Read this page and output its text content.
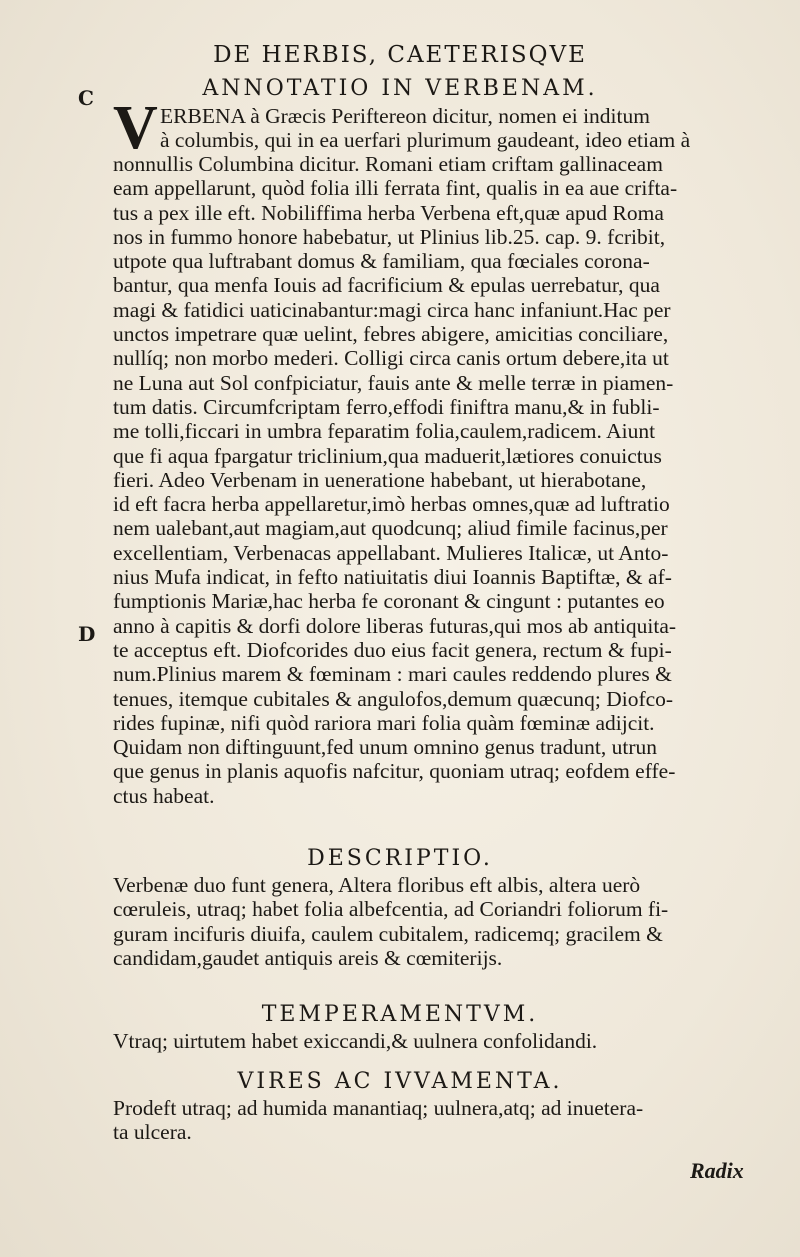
DE HERBIS, CAETERISQVE
C
D
ANNOTATIO IN VERBENAM.
V ERBENA à Græcis Periftereon dicitur, nomen ei inditum
à columbis, qui in ea uerfari plurimum gaudeant, ideo etiam à
nonnullis Columbina dicitur. Romani etiam criftam gallinaceam
eam appellarunt, quòd folia illi ferrata fint, qualis in ea aue crifta-
tus a pex ille eft. Nobiliffima herba Verbena eft,quæ apud Roma
nos in fummo honore habebatur, ut Plinius lib.25. cap. 9. fcribit,
utpote qua luftrabant domus & familiam, qua fœciales corona-
bantur, qua menfa Iouis ad facrificium & epulas uerrebatur, qua
magi & fatidici uaticinabantur:magi circa hanc infaniunt.Hac per
unctos impetrare quæ uelint, febres abigere, amicitias conciliare,
nullíq; non morbo mederi. Colligi circa canis ortum debere,ita ut
ne Luna aut Sol confpiciatur, fauis ante & melle terræ in piamen-
tum datis. Circumfcriptam ferro,effodi finiftra manu,& in fubli-
me tolli,ficcari in umbra feparatim folia,caulem,radicem. Aiunt
que fi aqua fpargatur triclinium,qua maduerit,lætiores conuictus
fieri. Adeo Verbenam in ueneratione habebant, ut hierabotane,
id eft facra herba appellaretur,imò herbas omnes,quæ ad luftratio
nem ualebant,aut magiam,aut quodcunq; aliud fimile facinus,per
excellentiam, Verbenacas appellabant. Mulieres Italicæ, ut Anto-
nius Mufa indicat, in fefto natiuitatis diui Ioannis Baptiftæ, & af-
fumptionis Mariæ,hac herba fe coronant & cingunt : putantes eo
anno à capitis & dorfi dolore liberas futuras,qui mos ab antiquita-
te acceptus eft. Diofcorides duo eius facit genera, rectum & fupi-
num.Plinius marem & fœminam : mari caules reddendo plures &
tenues, itemque cubitales & angulofos,demum quæcunq; Diofco-
rides fupinæ, nifi quòd rariora mari folia quàm fœminæ adijcit.
Quidam non diftinguunt,fed unum omnino genus tradunt, utrun
que genus in planis aquofis nafcitur, quoniam utraq; eofdem effe-
ctus habeat.
DESCRIPTIO.
Verbenæ duo funt genera, Altera floribus eft albis, altera uerò
cœruleis, utraq; habet folia albefcentia, ad Coriandri foliorum fi-
guram incifuris diuifa, caulem cubitalem, radicemq; gracilem &
candidam,gaudet antiquis areis & cœmiterijs.
TEMPERAMENTVM.
Vtraq; uirtutem habet exiccandi,& uulnera confolidandi.
VIRES AC IVVAMENTA.
Prodeft utraq; ad humida manantiaq; uulnera,atq; ad inuetera-
ta ulcera.
Radix
